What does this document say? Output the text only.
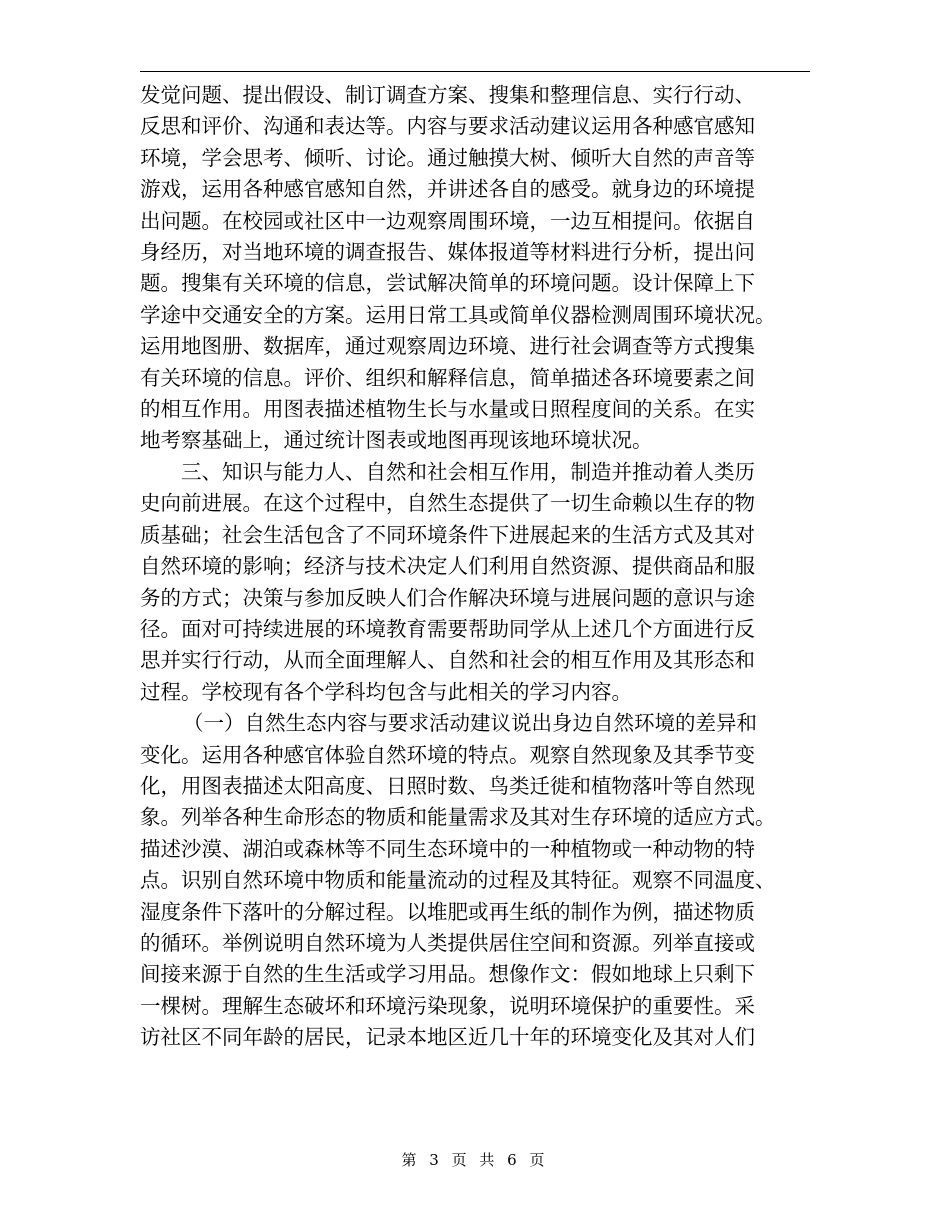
发觉问题、提出假设、制订调查方案、搜集和整理信息、实行行动、
反思和评价、沟通和表达等。内容与要求活动建议运用各种感官感知
环境，学会思考、倾听、讨论。通过触摸大树、倾听大自然的声音等
游戏，运用各种感官感知自然，并讲述各自的感受。就身边的环境提
出问题。在校园或社区中一边观察周围环境，一边互相提问。依据自
身经历，对当地环境的调查报告、媒体报道等材料进行分析，提出问
题。搜集有关环境的信息，尝试解决简单的环境问题。设计保障上下
学途中交通安全的方案。运用日常工具或简单仪器检测周围环境状况。
运用地图册、数据库，通过观察周边环境、进行社会调查等方式搜集
有关环境的信息。评价、组织和解释信息，简单描述各环境要素之间
的相互作用。用图表描述植物生长与水量或日照程度间的关系。在实
地考察基础上，通过统计图表或地图再现该地环境状况。
三、知识与能力人、自然和社会相互作用，制造并推动着人类历
史向前进展。在这个过程中，自然生态提供了一切生命赖以生存的物
质基础；社会生活包含了不同环境条件下进展起来的生活方式及其对
自然环境的影响；经济与技术决定人们利用自然资源、提供商品和服
务的方式；决策与参加反映人们合作解决环境与进展问题的意识与途
径。面对可持续进展的环境教育需要帮助同学从上述几个方面进行反
思并实行行动，从而全面理解人、自然和社会的相互作用及其形态和
过程。学校现有各个学科均包含与此相关的学习内容。
（一）自然生态内容与要求活动建议说出身边自然环境的差异和
变化。运用各种感官体验自然环境的特点。观察自然现象及其季节变
化，用图表描述太阳高度、日照时数、鸟类迁徙和植物落叶等自然现
象。列举各种生命形态的物质和能量需求及其对生存环境的适应方式。
描述沙漠、湖泊或森林等不同生态环境中的一种植物或一种动物的特
点。识别自然环境中物质和能量流动的过程及其特征。观察不同温度、
湿度条件下落叶的分解过程。以堆肥或再生纸的制作为例，描述物质
的循环。举例说明自然环境为人类提供居住空间和资源。列举直接或
间接来源于自然的生生活或学习用品。想像作文：假如地球上只剩下
一棵树。理解生态破坏和环境污染现象，说明环境保护的重要性。采
访社区不同年龄的居民，记录本地区近几十年的环境变化及其对人们
第 3 页 共 6 页
